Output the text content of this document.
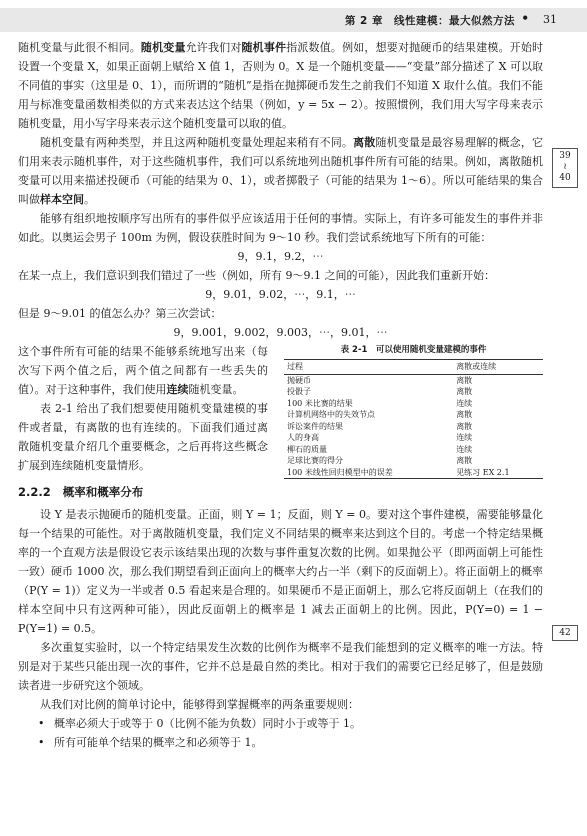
第 2 章　线性建模：最大似然方法 • 31
39
≀
40
42

随机变量与此很不相同。随机变量允许我们对随机事件指派数值。例如，想要对抛硬币的结果建模。开始时设置一个变量 X，如果正面朝上赋给 X 值 1，否则为 0。X 是一个随机变量——“变量”部分描述了 X 可以取不同值的事实（这里是 0、1），而所谓的“随机”是指在抛掷硬币发生之前我们不知道 X 取什么值。我们不能用与标准变量函数相类似的方式来表达这个结果（例如，y = 5x − 2）。按照惯例，我们用大写字母来表示随机变量，用小写字母来表示这个随机变量可以取的值。

随机变量有两种类型，并且这两种随机变量处理起来稍有不同。离散随机变量是最容易理解的概念，它们用来表示随机事件，对于这些随机事件，我们可以系统地列出随机事件所有可能的结果。例如，离散随机变量可以用来描述投硬币（可能的结果为 0、1），或者掷骰子（可能的结果为 1～6）。所以可能结果的集合叫做样本空间。

能够有组织地按顺序写出所有的事件似乎应该适用于任何的事情。实际上，有许多可能发生的事件并非如此。以奥运会男子 100m 为例，假设获胜时间为 9～10 秒。我们尝试系统地写下所有的可能：

9，9.1，9.2，⋯

在某一点上，我们意识到我们错过了一些（例如，所有 9～9.1 之间的可能），因此我们重新开始：

9，9.01，9.02，⋯，9.1，⋯

但是 9～9.01 的值怎么办？第三次尝试：

9，9.001，9.002，9.003，⋯，9.01，⋯

这个事件所有可能的结果不能够系统地写出来（每次写下两个值之后，两个值之间都有一些丢失的值）。对于这种事件，我们使用连续随机变量。

表 2-1 给出了我们想要使用随机变量建模的事件或者量，有离散的也有连续的。下面我们通过离散随机变量介绍几个重要概念，之后再将这些概念扩展到连续随机变量情形。

表 2-1　可以使用随机变量建模的事件
过程	离散或连续
抛硬币	离散
投骰子	离散
100 米比赛的结果	连续
计算机网络中的失效节点	离散
诉讼案件的结果	离散
人的身高	连续
柳石的质量	连续
足球比赛的得分	离散
100 米线性回归模型中的误差	见练习 EX 2.1
2.2.2 概率和概率分布

设 Y 是表示抛硬币的随机变量。正面，则 Y = 1；反面，则 Y = 0。要对这个事件建模，需要能够量化每一个结果的可能性。对于离散随机变量，我们定义不同结果的概率来达到这个目的。考虑一个特定结果概率的一个直观方法是假设它表示该结果出现的次数与事件重复次数的比例。如果抛公平（即两面朝上可能性一致）硬币 1000 次，那么我们期望看到正面向上的概率大约占一半（剩下的反面朝上）。将正面朝上的概率（P(Y = 1)）定义为一半或者 0.5 看起来是合理的。如果硬币不是正面朝上，那么它将反面朝上（在我们的样本空间中只有这两种可能），因此反面朝上的概率是 1 减去正面朝上的比例。因此，P(Y=0) = 1 − P(Y=1) = 0.5。

多次重复实验时，以一个特定结果发生次数的比例作为概率不是我们能想到的定义概率的唯一方法。特别是对于某些只能出现一次的事件，它并不总是最自然的类比。相对于我们的需要它已经足够了，但是鼓励读者进一步研究这个领域。

从我们对比例的简单讨论中，能够得到掌握概率的两条重要规则：

• 概率必须大于或等于 0（比例不能为负数）同时小于或等于 1。
• 所有可能单个结果的概率之和必须等于 1。
